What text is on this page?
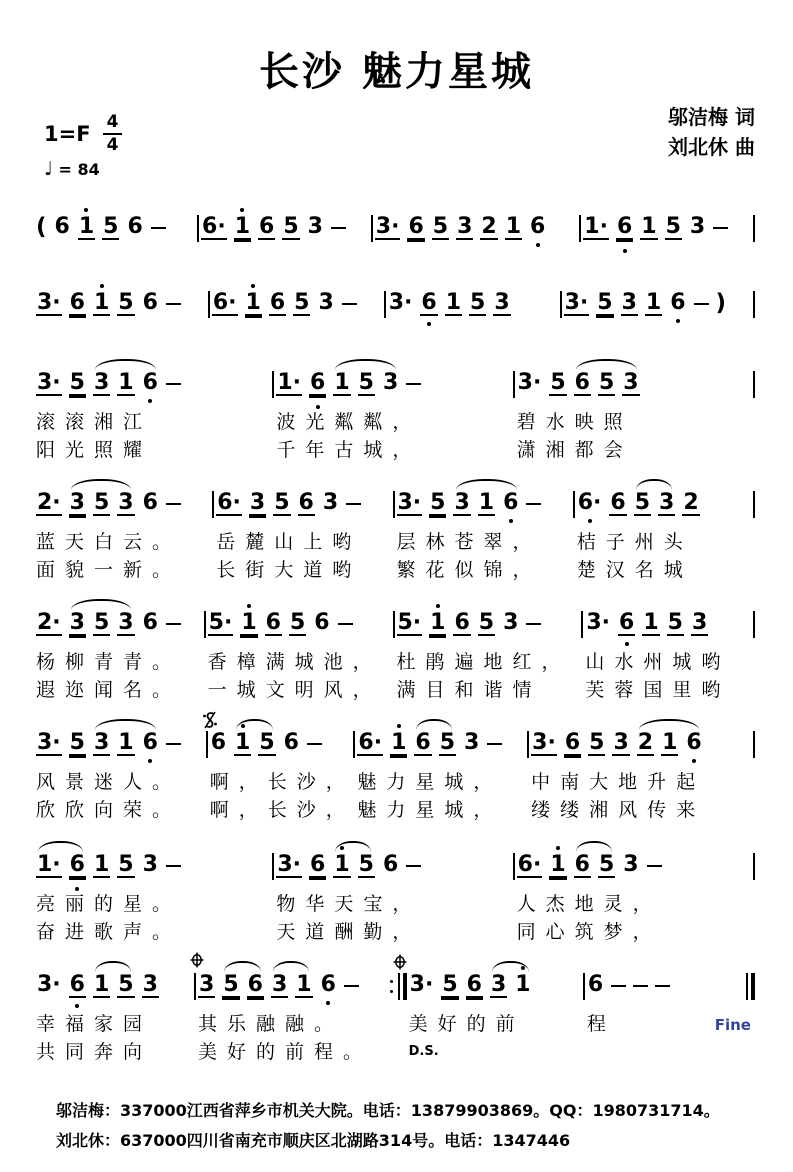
长沙 魅力星城
$1=F \frac{4}{4}$
♩ = 84
邬洁梅 词
刘北休 曲
( 6 1 5 6	6· 1 6 5 3 3· 6 5 3 2 1 6 1· 6 1 5 3
3· 6 1 5 6 6· 1 6 5 3 3· 6 1 5 3 3· 5 3 1 6 )
3· 5 3 1 6
滚滚湘江
阳光照耀
1· 6 1 5 3
波光粼粼，
千年古城，
3· 5 6 5 3
碧水映照
潇湘都会
2· 3 5 3 6
蓝天白云。
面貌一新。
6· 3 5 6 3
岳麓山上哟
长街大道哟
3· 5 3 1 6
层林苍翠，
繁花似锦，
6· 6 5 3 2
桔子州头
楚汉名城
2· 3 5 3 6
杨柳青青。
遐迩闻名。
5· 1 6 5 6
香樟满城池，
一城文明风，
5· 1 6 5 3
杜鹃遍地红，
满目和谐情
3· 6 1 5 3
山水州城哟
芙蓉国里哟
3· 5 3 1 6
风景迷人。
欣欣向荣。
6 1 5 6
啊，长沙，
啊，长沙，
6· 1 6 5 3
魅力星城，
魅力星城，
3· 6 5 3 2 1 6
中南大地升起
缕缕湘风传来
1· 6 1 5 3
亮丽的星。
奋进歌声。
3· 6 1 5 6
物华天宝，
天道酬勤，
6· 1 6 5 3
人杰地灵，
同心筑梦，
3· 6 1 5 3
幸福家园
共同奔向
3 5 6 3 1 6
其乐融融。
美好的前程。
3· 5 6 3 1
美好的前
D.S.
6
程	Fine
邬洁梅：337000江西省萍乡市机关大院。电话：13879903869。QQ：1980731714。
刘北休：637000四川省南充市顺庆区北湖路314号。电话：1347446
